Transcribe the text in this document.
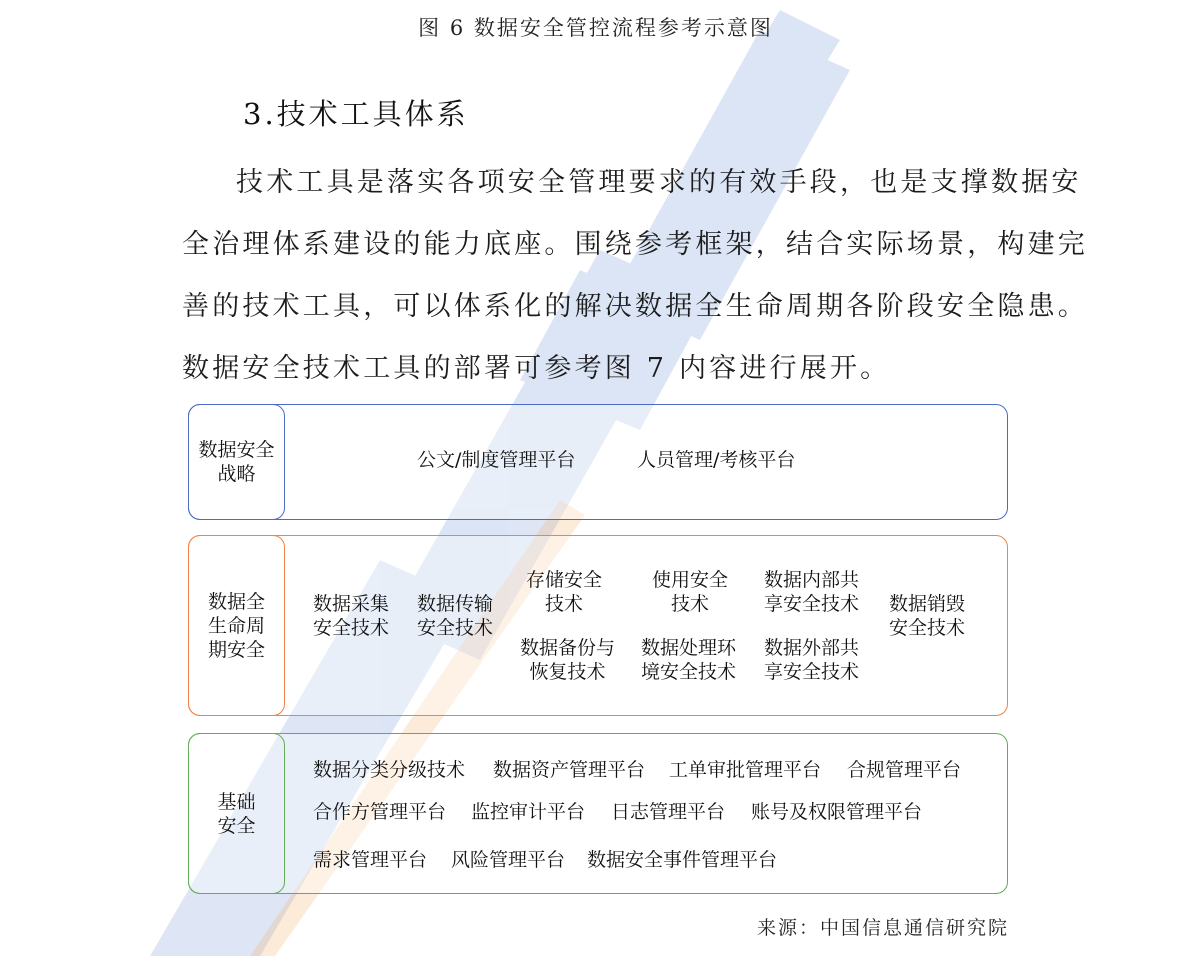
图 6 数据安全管控流程参考示意图
3.技术工具体系
技术工具是落实各项安全管理要求的有效手段，也是支撑数据安
全治理体系建设的能力底座。围绕参考框架，结合实际场景，构建完
善的技术工具，可以体系化的解决数据全生命周期各阶段安全隐患。
数据安全技术工具的部署可参考图 7 内容进行展开。
数据安全
战略
公文/制度管理平台	人员管理/考核平台
数据全
生命周
期安全
数据采集
安全技术
数据传输
安全技术
存储安全
技术
使用安全
技术
数据内部共
享安全技术 数据销毁
安全技术
数据备份与
恢复技术
数据处理环
境安全技术
数据外部共
享安全技术
基础
安全
数据分类分级技术 数据资产管理平台 工单审批管理平台 合规管理平台
合作方管理平台 监控审计平台 日志管理平台 账号及权限管理平台
需求管理平台 风险管理平台 数据安全事件管理平台
来源：中国信息通信研究院
